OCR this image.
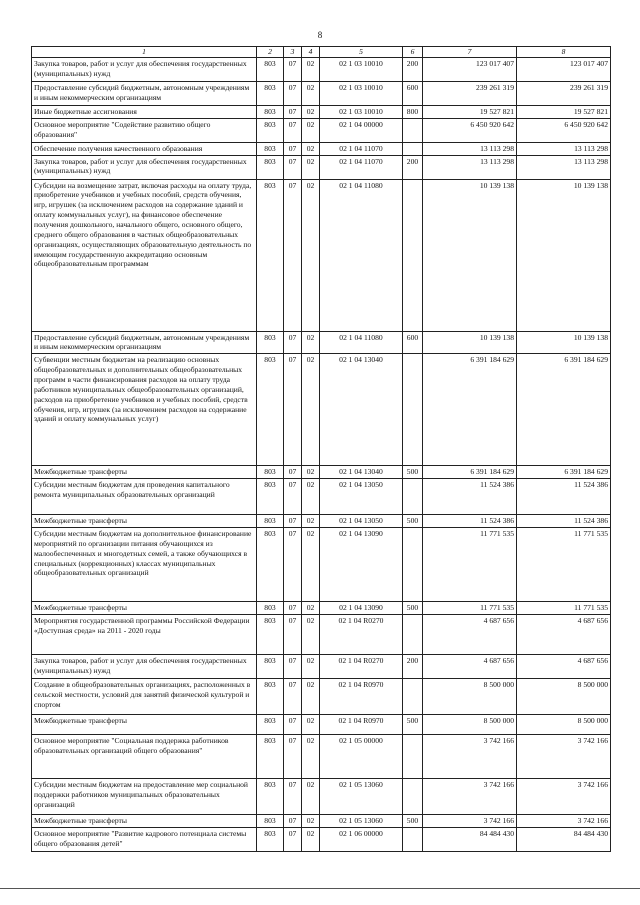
8
1	2	3	4	5	6	7	8
Закупка товаров, работ и услуг для обеспечения государственных (муниципальных) нужд	803	07	02	02 1 03 10010	200	123 017 407	123 017 407
Предоставление субсидий бюджетным, автономным учреждениям и иным некоммерческим организациям	803	07	02	02 1 03 10010	600	239 261 319	239 261 319
Иные бюджетные ассигнования	803	07	02	02 1 03 10010	800	19 527 821	19 527 821
Основное мероприятие "Содействие развитию общего образования"	803	07	02	02 1 04 00000		6 450 920 642	6 450 920 642
Обеспечение получения качественного образования	803	07	02	02 1 04 11070		13 113 298	13 113 298
Закупка товаров, работ и услуг для обеспечения государственных (муниципальных) нужд	803	07	02	02 1 04 11070	200	13 113 298	13 113 298
Субсидии на возмещение затрат, включая расходы на оплату труда, приобретение учебников и учебных пособий, средств обучения, игр, игрушек (за исключением расходов на содержание зданий и оплату коммунальных услуг), на финансовое обеспечение получения дошкольного, начального общего, основного общего, среднего общего образования в частных общеобразовательных организациях, осуществляющих образовательную деятельность по имеющим государственную аккредитацию основным общеобразовательным программам	803	07	02	02 1 04 11080		10 139 138	10 139 138
Предоставление субсидий бюджетным, автономным учреждениям и иным некоммерческим организациям	803	07	02	02 1 04 11080	600	10 139 138	10 139 138
Субвенции местным бюджетам на реализацию основных общеобразовательных и дополнительных общеобразовательных программ в части финансирования расходов на оплату труда работников муниципальных общеобразовательных организаций, расходов на приобретение учебников и учебных пособий, средств обучения, игр, игрушек (за исключением расходов на содержание зданий и оплату коммунальных услуг)	803	07	02	02 1 04 13040		6 391 184 629	6 391 184 629
Межбюджетные трансферты	803	07	02	02 1 04 13040	500	6 391 184 629	6 391 184 629
Субсидии местным бюджетам для проведения капитального ремонта муниципальных образовательных организаций	803	07	02	02 1 04 13050		11 524 386	11 524 386
Межбюджетные трансферты	803	07	02	02 1 04 13050	500	11 524 386	11 524 386
Субсидии местным бюджетам на дополнительное финансирование мероприятий по организации питания обучающихся из малообеспеченных и многодетных семей, а также обучающихся в специальных (коррекционных) классах муниципальных общеобразовательных организаций	803	07	02	02 1 04 13090		11 771 535	11 771 535
Межбюджетные трансферты	803	07	02	02 1 04 13090	500	11 771 535	11 771 535
Мероприятия государственной программы Российской Федерации «Доступная среда» на 2011 - 2020 годы	803	07	02	02 1 04 R0270		4 687 656	4 687 656
Закупка товаров, работ и услуг для обеспечения государственных (муниципальных) нужд	803	07	02	02 1 04 R0270	200	4 687 656	4 687 656
Создание в общеобразовательных организациях, расположенных в сельской местности, условий для занятий физической культурой и спортом	803	07	02	02 1 04 R0970		8 500 000	8 500 000
Межбюджетные трансферты	803	07	02	02 1 04 R0970	500	8 500 000	8 500 000
Основное мероприятие "Социальная поддержка работников образовательных организаций общего образования"	803	07	02	02 1 05 00000		3 742 166	3 742 166
Субсидии местным бюджетам на предоставление мер социальной поддержки работников муниципальных образовательных организаций	803	07	02	02 1 05 13060		3 742 166	3 742 166
Межбюджетные трансферты	803	07	02	02 1 05 13060	500	3 742 166	3 742 166
Основное мероприятие "Развитие кадрового потенциала системы общего образования детей"	803	07	02	02 1 06 00000		84 484 430	84 484 430
